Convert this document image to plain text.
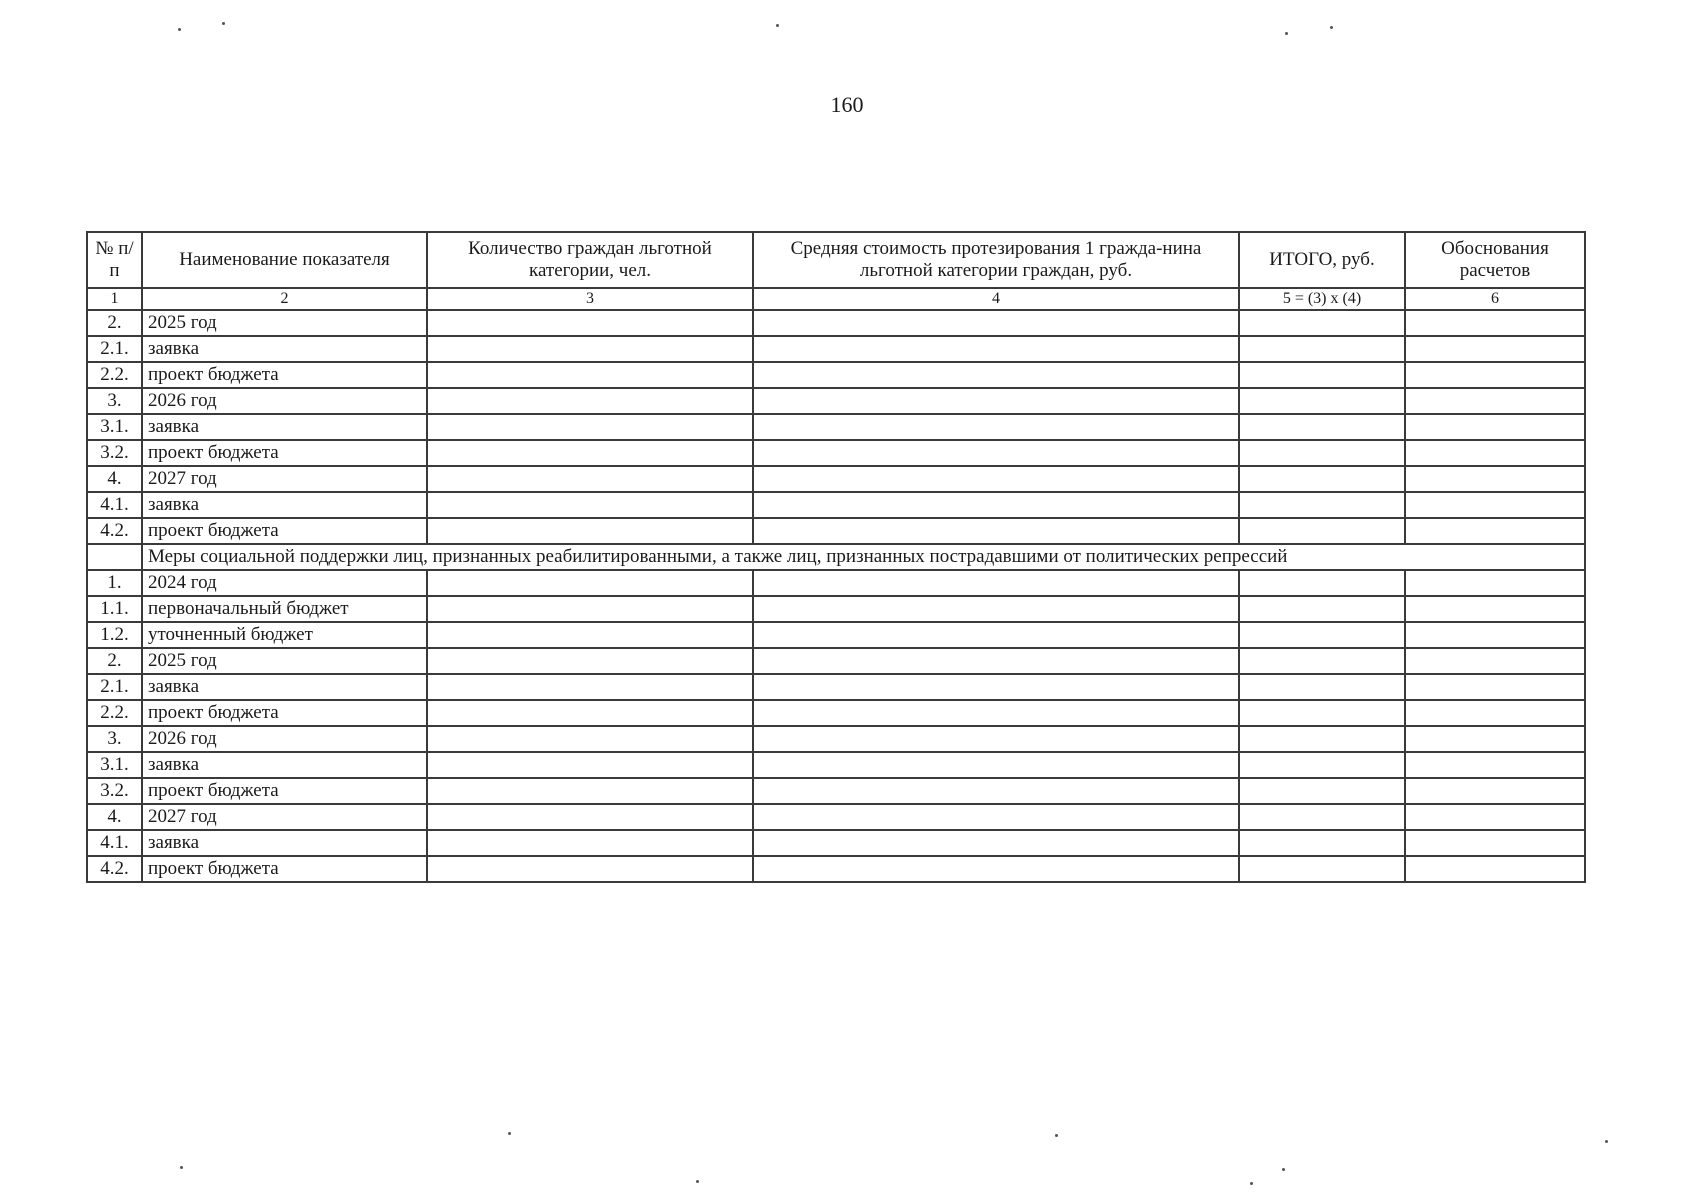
160
№ п/п	Наименование показателя	Количество граждан льготной категории, чел.	Средняя стоимость протезирования 1 гражда-нина льготной категории граждан, руб.	ИТОГО, руб.	Обоснования расчетов
1	2	3	4	5 = (3) x (4)	6
2.	2025 год				
2.1.	заявка				
2.2.	проект бюджета				
3.	2026 год				
3.1.	заявка				
3.2.	проект бюджета				
4.	2027 год				
4.1.	заявка				
4.2.	проект бюджета				
	Меры социальной поддержки лиц, признанных реабилитированными, а также лиц, признанных пострадавшими от политических репрессий				
1.	2024 год				
1.1.	первоначальный бюджет				
1.2.	уточненный бюджет				
2.	2025 год				
2.1.	заявка				
2.2.	проект бюджета				
3.	2026 год				
3.1.	заявка				
3.2.	проект бюджета				
4.	2027 год				
4.1.	заявка				
4.2.	проект бюджета				
